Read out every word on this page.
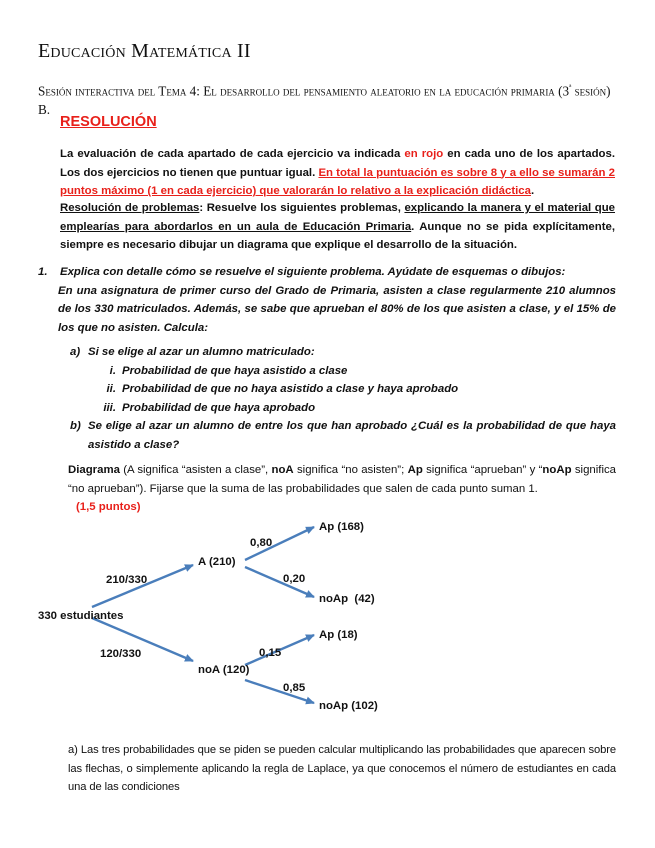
Educación Matemática II
Sesión interactiva del Tema 4: El desarrollo del pensamiento aleatorio en la educación primaria ($3^ª$ sesión) B.
RESOLUCIÓN
La evaluación de cada apartado de cada ejercicio va indicada en rojo en cada uno de los apartados. Los dos ejercicios no tienen que puntuar igual. En total la puntuación es sobre 8 y a ello se sumarán 2 puntos máximo (1 en cada ejercicio) que valorarán lo relativo a la explicación didáctica.
Resolución de problemas: Resuelve los siguientes problemas, explicando la manera y el material que emplearías para abordarlos en un aula de Educación Primaria. Aunque no se pida explícitamente, siempre es necesario dibujar un diagrama que explique el desarrollo de la situación.
1. Explica con detalle cómo se resuelve el siguiente problema. Ayúdate de esquemas o dibujos:
En una asignatura de primer curso del Grado de Primaria, asisten a clase regularmente 210 alumnos de los 330 matriculados. Además, se sabe que aprueban el 80% de los que asisten a clase, y el 15% de los que no asisten. Calcula:
a) Si se elige al azar un alumno matriculado:
i. Probabilidad de que haya asistido a clase
ii. Probabilidad de que no haya asistido a clase y haya aprobado
iii. Probabilidad de que haya aprobado
b) Se elige al azar un alumno de entre los que han aprobado ¿Cuál es la probabilidad de que haya asistido a clase?
Diagrama (A significa “asisten a clase”, noA significa “no asisten”; Ap significa “aprueban” y “noAp significa “no aprueban”). Fijarse que la suma de las probabilidades que salen de cada punto suman 1.
(1,5 puntos)
330 estudiantes
210/330
120/330
A (210)
noA (120)
0,80
0,20
0,15
0,85
Ap (168)
noAp  (42)
Ap (18)
noAp (102)
a) Las tres probabilidades que se piden se pueden calcular multiplicando las probabilidades que aparecen sobre las flechas, o simplemente aplicando la regla de Laplace, ya que conocemos el número de estudiantes en cada una de las condiciones
